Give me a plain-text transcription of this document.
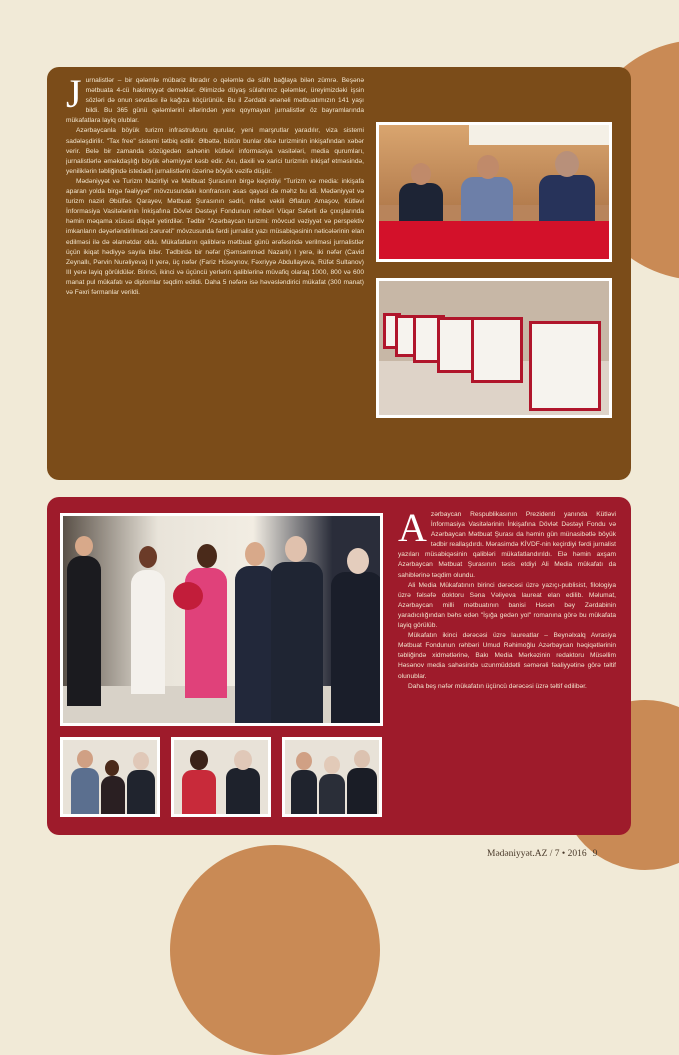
J urnalistlər – bir qələmlə mübariz libradır o qələmlə də sülh bağlaya bilən zümrə. Beşənə mətbuata 4-cü hakimiyyət deməklər. Əlimizdə düyaş sülahımız qələmlər, üreyimizdəki işsin sözləri də onun sevdası ilə kağıza köçürünük. Bu il Zərdabi ənənəli mətbuatımızın 141 yaşı bildi. Bu 365 günü qələmlərini əllərindən yere qoymayan jurnalistlər öz bayramlarında mükafatlara layiq olublar.

Azərbaycanla böyük turizm infrastrukturu qurular, yeni marşrutlar yaradılır, viza sistemi sadələşdirilir. "Tax free" sistemi tətbiq edilir. Əlbəttə, bütün bunlar ölkə turizminin inkişafından xəbər verir. Belə bir zamanda sözügedən sahənin kütləvi informasiya vasitələri, media qurumları, jurnalistlərlə əməkdaşlığı böyük əhəmiyyət kəsb edir. Axı, daxili və xarici turizmin inkişaf etməsində, yeniliklərin təbliğində istedadlı jurnalistlərin üzərinə böyük vəzifə düşür.

Mədəniyyət və Turizm Nazirliyi və Mətbuat Şurasının birgə keçirdiyi "Turizm və media: inkişafa aparan yolda birgə fəaliyyət" mövzusundakı konfransın əsas qayəsi də məhz bu idi. Mədəniyyət və turizm naziri Əbülfəs Qarayev, Mətbuat Şurasının sədri, millət vəkili Əflatun Amaşov, Kütləvi İnformasiya Vasitələrinin İnkişafına Dövlət Dəstəyi Fondunun rəhbəri Vüqar Səfərli də çıxışlarında həmin məqama xüsusi diqqət yetirdilər. Tədbir "Azərbaycan turizmi: mövcud vəziyyət və perspektiv imkanların dəyərləndirilməsi zərurəti" mövzusunda fərdi jurnalist yazı müsabiqəsinin nəticələrinin elan edilməsi ilə də əlamətdar oldu. Mükafatların qaliblərə mətbuat günü ərəfəsində verilməsi jurnalistlər üçün ikiqat hədiyyə sayıla bilər. Tədbirdə bir nəfər (Şəmsəmməd Nazarlı) I yerə, iki nəfər (Cavid Zeynallı, Pərvin Nurəliyeva) II yerə, üç nəfər (Fariz Hüseynov, Fəxriyyə Abdullayeva, Rüfət Sultanov) III yerə layiq görüldülər. Birinci, ikinci və üçüncü yerlərin qaliblərinə müvafiq olaraq 1000, 800 və 600 manat pul mükafatı və diplomlar təqdim edildi. Daha 5 nəfərə isə həvəsləndirici mükafat (300 manat) və Fəxri fərmanlar verildi.

A zərbaycan Respublikasının Prezidenti yanında Kütləvi İnformasiya Vasitələrinin İnkişafına Dövlət Dəstəyi Fondu və Azərbaycan Mətbuat Şurası da həmin gün münasibətlə böyük tədbir reallaşdırdı. Mərasimdə KİVDF-nin keçirdiyi fərdi jurnalist yazıları müsabiqəsinin qalibləri mükafatlandırıldı. Elə həmin axşam Azərbaycan Mətbuat Şurasının təsis etdiyi Ali Media mükafatı da sahiblərinə təqdim olundu.

Ali Media Mükafatının birinci dərəcəsi üzrə yazıçı-publisist, filologiya üzrə fəlsəfə doktoru Səna Vəliyeva laureat elan edilib. Məlumat, Azərbaycan milli mətbuatının banisi Həsən bəy Zərdabinin yaradıcılığından bəhs edən "İşığa gedən yol" romanına görə bu mükafata layiq görülüb.

Mükafatın ikinci dərəcəsi üzrə laureatlar – Beynəlxalq Avrasiya Mətbuat Fondunun rəhbəri Umud Rəhimoğlu Azərbaycan həqiqətlərinin təbliğində xidmətlərinə, Bakı Media Mərkəzinin redaktoru Müsəllim Həsənov media sahəsində uzunmüddətli səmərəli fəaliyyətinə görə təltif olunublar.

Daha beş nəfər mükafatın üçüncü dərəcəsi üzrə təltif edilibər.

Mədəniyyət.AZ / 7 • 2016 9
